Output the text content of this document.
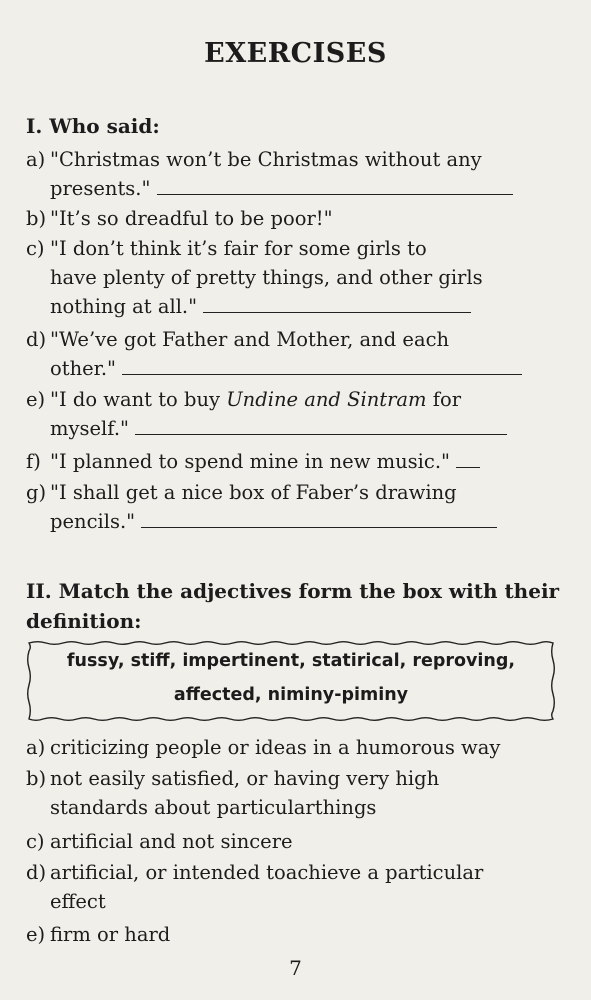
EXERCISES
I. Who said:
a) "Christmas won’t be Christmas without any
presents."
b) "It’s so dreadful to be poor!"
c) "I don’t think it’s fair for some girls to
have plenty of pretty things, and other girls
nothing at all."
d) "We’ve got Father and Mother, and each
other."
e) "I do want to buy Undine and Sintram for
myself."
f) "I planned to spend mine in new music."
g) "I shall get a nice box of Faber’s drawing
pencils."
II. Match the adjectives form the box with their
definition:
fussy, stiff, impertinent, statirical, reproving,
affected, niminy-piminy
a) criticizing people or ideas in a humorous way
b) not easily satisfied, or having very high
standards about particularthings
c) artificial and not sincere
d) artificial, or intended toachieve a particular
effect
e) firm or hard
7
